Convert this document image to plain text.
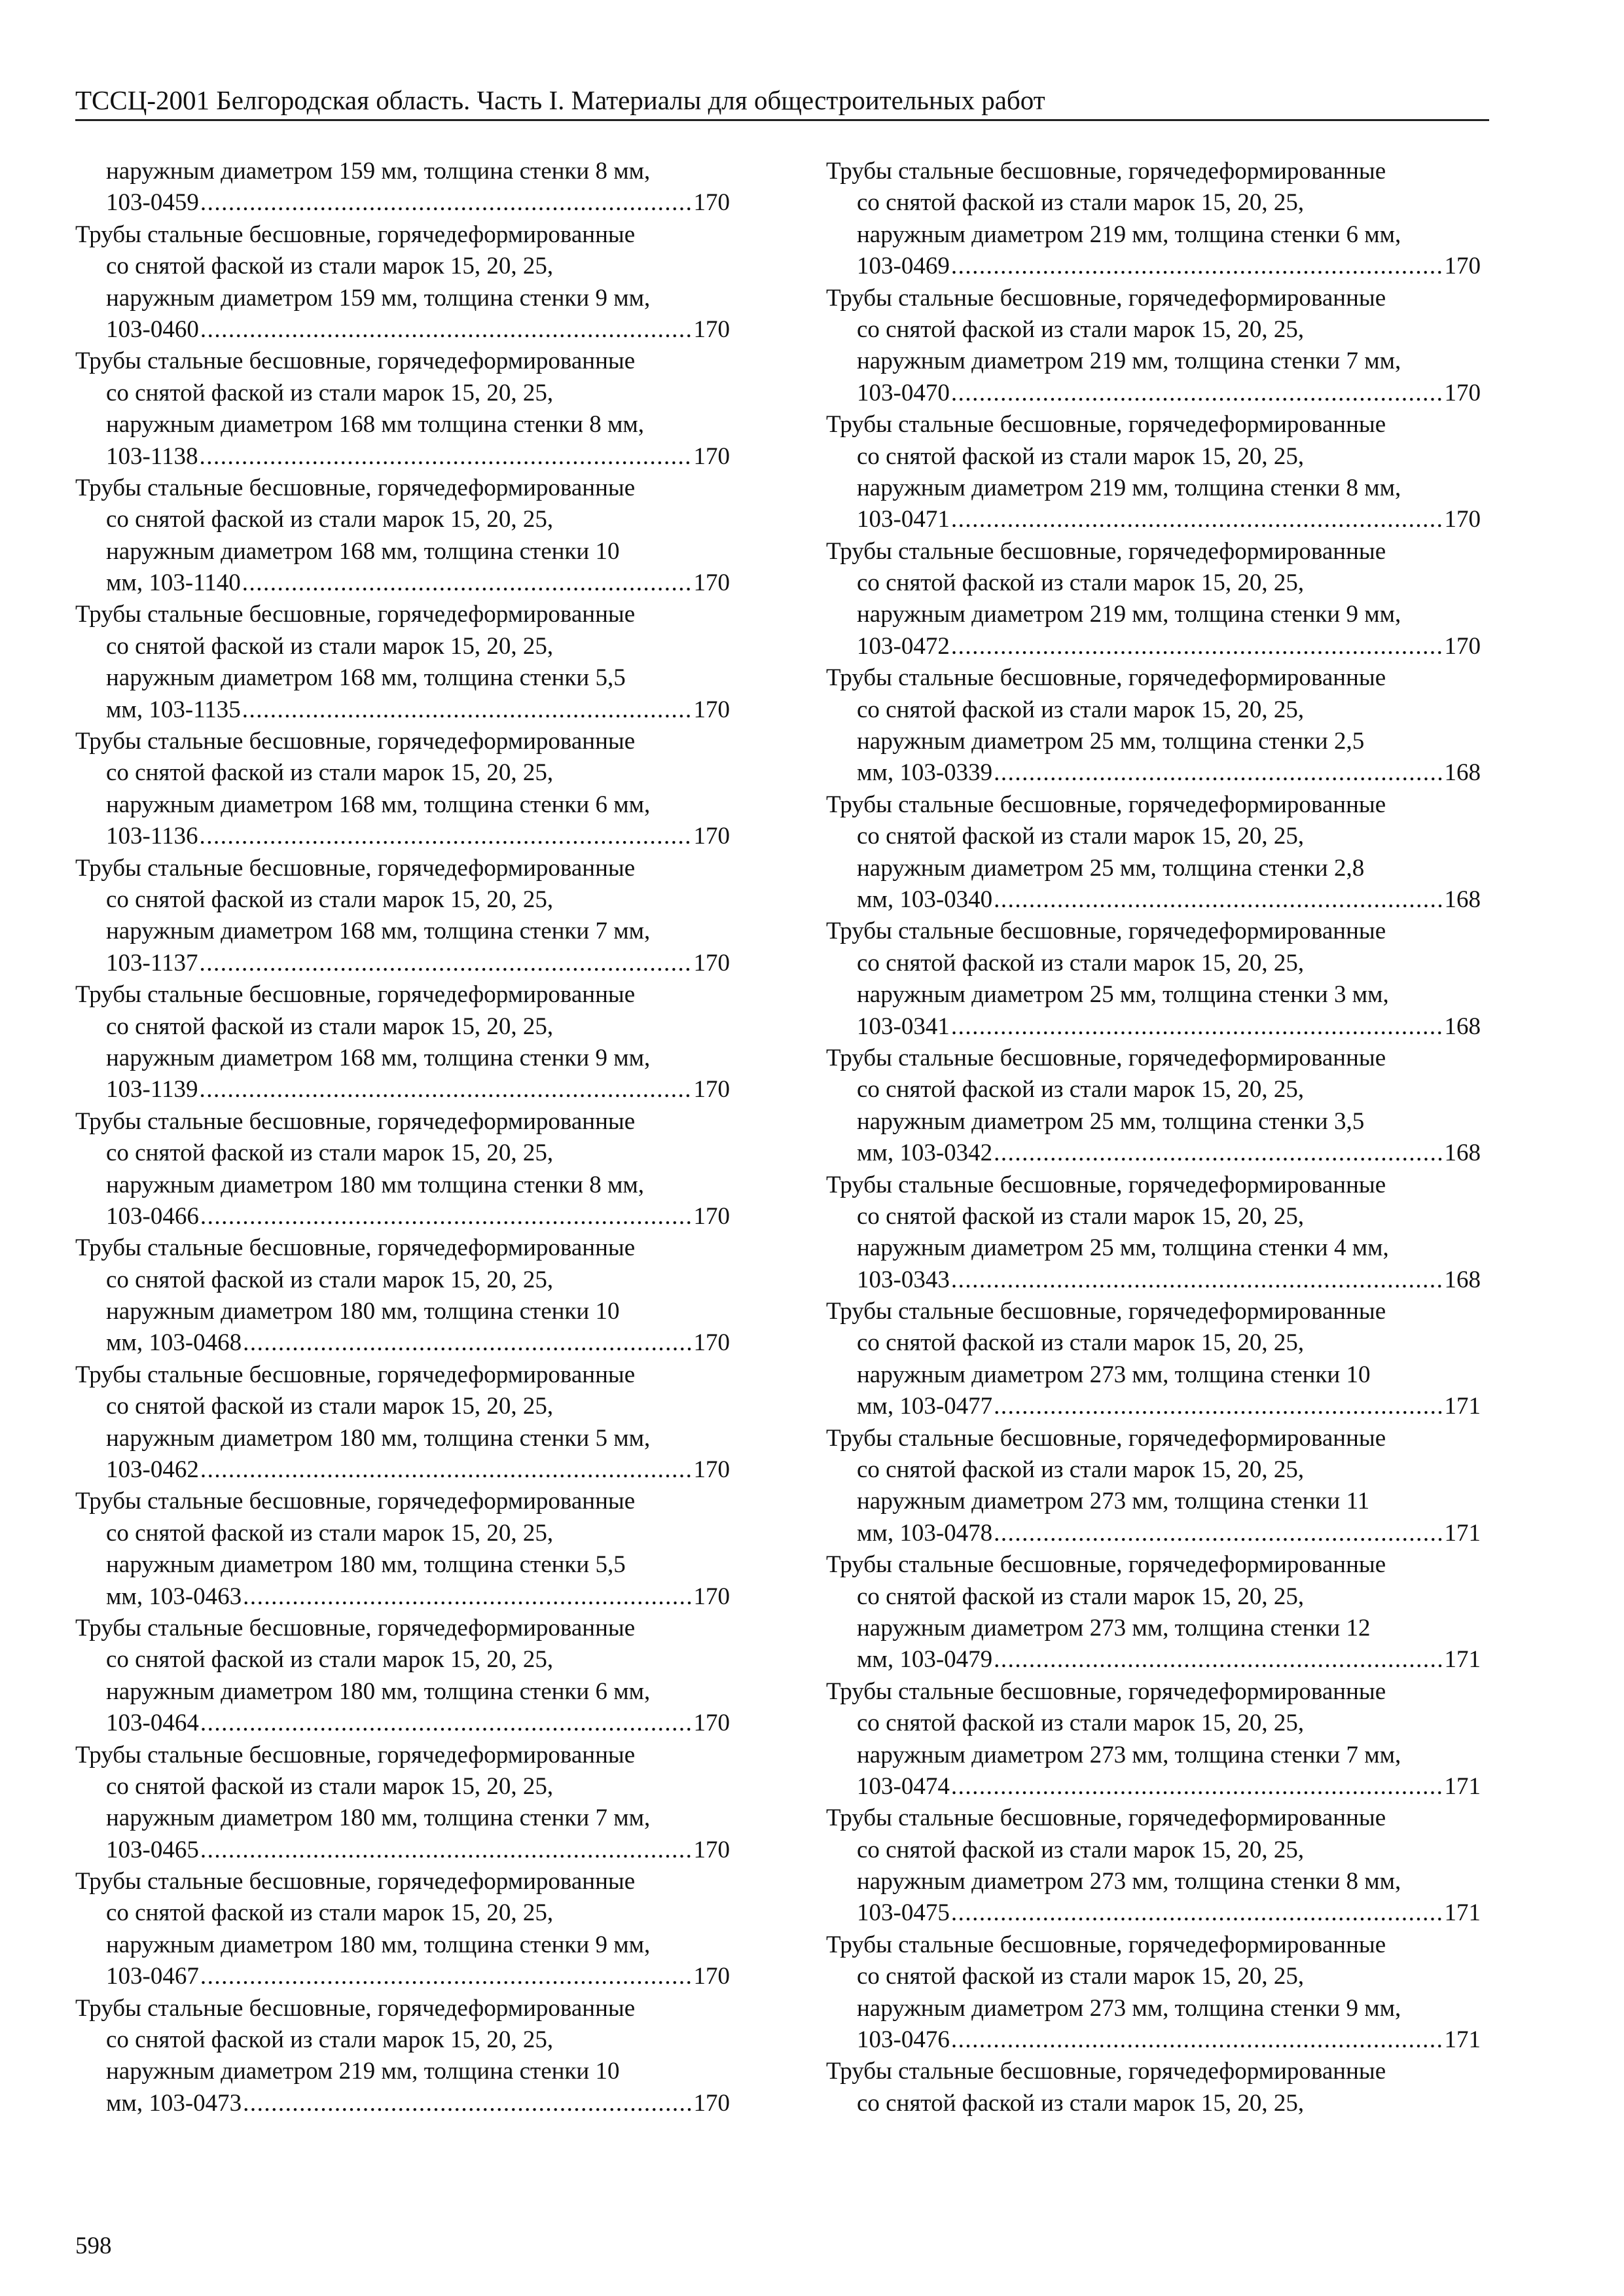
ТССЦ-2001 Белгородская область. Часть I. Материалы для общестроительных работ
наружным диаметром 159 мм, толщина стенки 8 мм,
103-0459 .....	170
Трубы стальные бесшовные, горячедеформированные
со снятой фаской из стали марок 15, 20, 25,
наружным диаметром 159 мм, толщина стенки 9 мм,
103-0460 .....	170
Трубы стальные бесшовные, горячедеформированные
со снятой фаской из стали марок 15, 20, 25,
наружным диаметром 168 мм толщина стенки 8 мм,
103-1138 .....	170
Трубы стальные бесшовные, горячедеформированные
со снятой фаской из стали марок 15, 20, 25,
наружным диаметром 168 мм, толщина стенки 10
мм, 103-1140 .....	170
Трубы стальные бесшовные, горячедеформированные
со снятой фаской из стали марок 15, 20, 25,
наружным диаметром 168 мм, толщина стенки 5,5
мм, 103-1135 .....	170
Трубы стальные бесшовные, горячедеформированные
со снятой фаской из стали марок 15, 20, 25,
наружным диаметром 168 мм, толщина стенки 6 мм,
103-1136 .....	170
Трубы стальные бесшовные, горячедеформированные
со снятой фаской из стали марок 15, 20, 25,
наружным диаметром 168 мм, толщина стенки 7 мм,
103-1137 .....	170
Трубы стальные бесшовные, горячедеформированные
со снятой фаской из стали марок 15, 20, 25,
наружным диаметром 168 мм, толщина стенки 9 мм,
103-1139 .....	170
Трубы стальные бесшовные, горячедеформированные
со снятой фаской из стали марок 15, 20, 25,
наружным диаметром 180 мм толщина стенки 8 мм,
103-0466 .....	170
Трубы стальные бесшовные, горячедеформированные
со снятой фаской из стали марок 15, 20, 25,
наружным диаметром 180 мм, толщина стенки 10
мм, 103-0468 .....	170
Трубы стальные бесшовные, горячедеформированные
со снятой фаской из стали марок 15, 20, 25,
наружным диаметром 180 мм, толщина стенки 5 мм,
103-0462 .....	170
Трубы стальные бесшовные, горячедеформированные
со снятой фаской из стали марок 15, 20, 25,
наружным диаметром 180 мм, толщина стенки 5,5
мм, 103-0463 .....	170
Трубы стальные бесшовные, горячедеформированные
со снятой фаской из стали марок 15, 20, 25,
наружным диаметром 180 мм, толщина стенки 6 мм,
103-0464 .....	170
Трубы стальные бесшовные, горячедеформированные
со снятой фаской из стали марок 15, 20, 25,
наружным диаметром 180 мм, толщина стенки 7 мм,
103-0465 .....	170
Трубы стальные бесшовные, горячедеформированные
со снятой фаской из стали марок 15, 20, 25,
наружным диаметром 180 мм, толщина стенки 9 мм,
103-0467 .....	170
Трубы стальные бесшовные, горячедеформированные
со снятой фаской из стали марок 15, 20, 25,
наружным диаметром 219 мм, толщина стенки 10
мм, 103-0473 .....	170
Трубы стальные бесшовные, горячедеформированные
со снятой фаской из стали марок 15, 20, 25,
наружным диаметром 219 мм, толщина стенки 6 мм,
103-0469 .....	170
Трубы стальные бесшовные, горячедеформированные
со снятой фаской из стали марок 15, 20, 25,
наружным диаметром 219 мм, толщина стенки 7 мм,
103-0470 .....	170
Трубы стальные бесшовные, горячедеформированные
со снятой фаской из стали марок 15, 20, 25,
наружным диаметром 219 мм, толщина стенки 8 мм,
103-0471 .....	170
Трубы стальные бесшовные, горячедеформированные
со снятой фаской из стали марок 15, 20, 25,
наружным диаметром 219 мм, толщина стенки 9 мм,
103-0472 .....	170
Трубы стальные бесшовные, горячедеформированные
со снятой фаской из стали марок 15, 20, 25,
наружным диаметром 25 мм, толщина стенки 2,5
мм, 103-0339 .....	168
Трубы стальные бесшовные, горячедеформированные
со снятой фаской из стали марок 15, 20, 25,
наружным диаметром 25 мм, толщина стенки 2,8
мм, 103-0340 .....	168
Трубы стальные бесшовные, горячедеформированные
со снятой фаской из стали марок 15, 20, 25,
наружным диаметром 25 мм, толщина стенки 3 мм,
103-0341 .....	168
Трубы стальные бесшовные, горячедеформированные
со снятой фаской из стали марок 15, 20, 25,
наружным диаметром 25 мм, толщина стенки 3,5
мм, 103-0342 .....	168
Трубы стальные бесшовные, горячедеформированные
со снятой фаской из стали марок 15, 20, 25,
наружным диаметром 25 мм, толщина стенки 4 мм,
103-0343 .....	168
Трубы стальные бесшовные, горячедеформированные
со снятой фаской из стали марок 15, 20, 25,
наружным диаметром 273 мм, толщина стенки 10
мм, 103-0477 .....	171
Трубы стальные бесшовные, горячедеформированные
со снятой фаской из стали марок 15, 20, 25,
наружным диаметром 273 мм, толщина стенки 11
мм, 103-0478 .....	171
Трубы стальные бесшовные, горячедеформированные
со снятой фаской из стали марок 15, 20, 25,
наружным диаметром 273 мм, толщина стенки 12
мм, 103-0479 .....	171
Трубы стальные бесшовные, горячедеформированные
со снятой фаской из стали марок 15, 20, 25,
наружным диаметром 273 мм, толщина стенки 7 мм,
103-0474 .....	171
Трубы стальные бесшовные, горячедеформированные
со снятой фаской из стали марок 15, 20, 25,
наружным диаметром 273 мм, толщина стенки 8 мм,
103-0475 .....	171
Трубы стальные бесшовные, горячедеформированные
со снятой фаской из стали марок 15, 20, 25,
наружным диаметром 273 мм, толщина стенки 9 мм,
103-0476 .....	171
Трубы стальные бесшовные, горячедеформированные
со снятой фаской из стали марок 15, 20, 25,
598
